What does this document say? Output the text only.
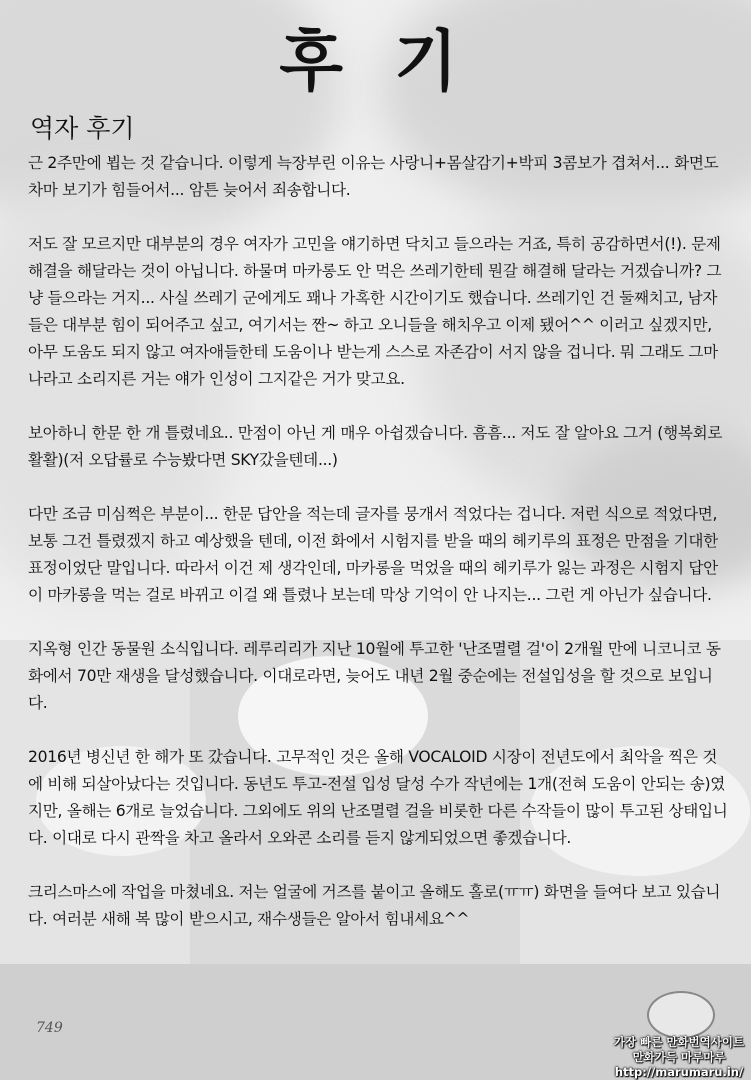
후 기
역자 후기

근 2주만에 뵙는 것 같습니다. 이렇게 늑장부린 이유는 사랑니+몸살감기+박피 3콤보가 겹쳐서... 화면도 차마 보기가 힘들어서... 암튼 늦어서 죄송합니다.

저도 잘 모르지만 대부분의 경우 여자가 고민을 얘기하면 닥치고 들으라는 거죠, 특히 공감하면서(!). 문제해결을 해달라는 것이 아닙니다. 하물며 마카롱도 안 먹은 쓰레기한테 뭔갈 해결해 달라는 거겠습니까? 그냥 들으라는 거지... 사실 쓰레기 군에게도 꽤나 가혹한 시간이기도 했습니다. 쓰레기인 건 둘째치고, 남자들은 대부분 힘이 되어주고 싶고, 여기서는 짠~ 하고 오니들을 해치우고 이제 됐어^^ 이러고 싶겠지만, 아무 도움도 되지 않고 여자애들한테 도움이나 받는게 스스로 자존감이 서지 않을 겁니다. 뭐 그래도 그마나라고 소리지른 거는 얘가 인성이 그지같은 거가 맞고요.

보아하니 한문 한 개 틀렸네요.. 만점이 아닌 게 매우 아쉽겠습니다. 흠흠... 저도 잘 알아요 그거 (행복회로 활활)(저 오답률로 수능봤다면 SKY갔을텐데...)

다만 조금 미심쩍은 부분이... 한문 답안을 적는데 글자를 뭉개서 적었다는 겁니다. 저런 식으로 적었다면, 보통 그건 틀렸겠지 하고 예상했을 텐데, 이전 화에서 시험지를 받을 때의 헤키루의 표정은 만점을 기대한 표정이었단 말입니다. 따라서 이건 제 생각인데, 마카롱을 먹었을 때의 헤키루가 잃는 과정은 시험지 답안이 마카롱을 먹는 걸로 바뀌고 이걸 왜 틀렸나 보는데 막상 기억이 안 나지는... 그런 게 아닌가 싶습니다.

지옥형 인간 동물원 소식입니다. 레루리리가 지난 10월에 투고한 '난조멸렬 걸'이 2개월 만에 니코니코 동화에서 70만 재생을 달성했습니다. 이대로라면, 늦어도 내년 2월 중순에는 전설입성을 할 것으로 보입니다.

2016년 병신년 한 해가 또 갔습니다. 고무적인 것은 올해 VOCALOID 시장이 전년도에서 최악을 찍은 것에 비해 되살아났다는 것입니다. 동년도 투고-전설 입성 달성 수가 작년에는 1개(전혀 도움이 안되는 송)였지만, 올해는 6개로 늘었습니다. 그외에도 위의 난조멸렬 걸을 비롯한 다른 수작들이 많이 투고된 상태입니다. 이대로 다시 관짝을 차고 올라서 오와콘 소리를 듣지 않게되었으면 좋겠습니다.

크리스마스에 작업을 마쳤네요. 저는 얼굴에 거즈를 붙이고 올해도 홀로(ㅠㅠ) 화면을 들여다 보고 있습니다. 여러분 새해 복 많이 받으시고, 재수생들은 알아서 힘내세요^^

749
가장 빠른 만화번역사이트
만화가득 마루마루
http://marumaru.in/
